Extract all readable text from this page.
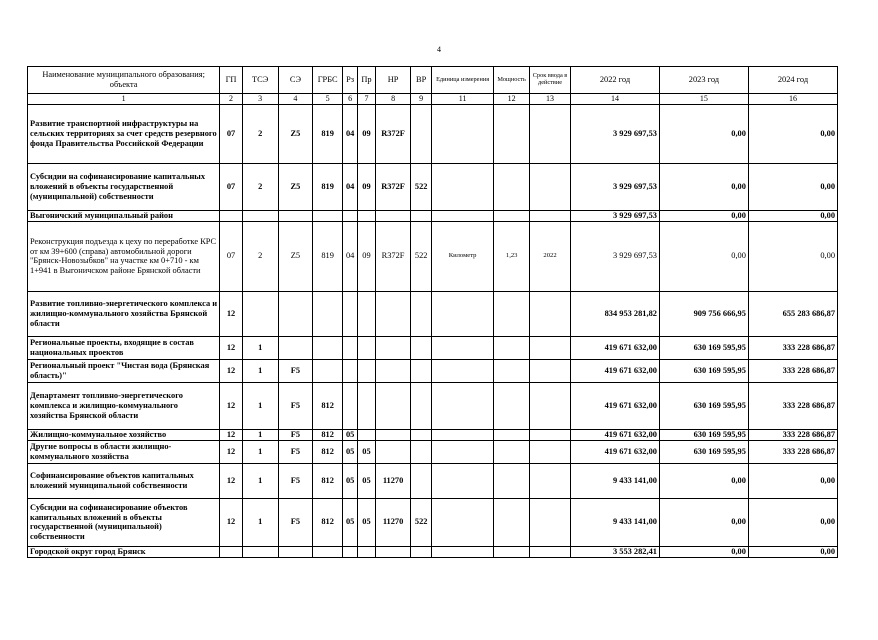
4
Наименование муниципального образования; объекта	ГП	ТСЭ	СЭ	ГРБС	Рз	Пр	НР	ВР	Единица измерения	Мощность	Срок ввода в действие	2022 год	2023 год	2024 год
1	2	3	4	5	6	7	8	9	11	12	13	14	15	16
Развитие транспортной инфраструктуры на сельских территориях за счет средств резервного фонда Правительства Российской Федерации	07	2	Z5	819	04	09	R372F					3 929 697,53	0,00	0,00
Субсидии на софинансирование капитальных вложений в объекты государственной (муниципальной) собственности	07	2	Z5	819	04	09	R372F	522				3 929 697,53	0,00	0,00
Выгоничский муниципальный район												3 929 697,53	0,00	0,00
Реконструкция подъезда к цеху по переработке КРС от км 39+600 (справа) автомобильной дороги "Брянск-Новозыбков" на участке км 0+710 - км 1+941 в Выгоничском районе Брянской области	07	2	Z5	819	04	09	R372F	522	Километр	1,23	2022	3 929 697,53	0,00	0,00
Развитие топливно-энергетического комплекса и жилищно-коммунального хозяйства Брянской области	12											834 953 281,82	909 756 666,95	655 283 686,87
Региональные проекты, входящие в состав национальных проектов	12	1										419 671 632,00	630 169 595,95	333 228 686,87
Региональный проект "Чистая вода (Брянская область)"	12	1	F5									419 671 632,00	630 169 595,95	333 228 686,87
Департамент топливно-энергетического комплекса и жилищно-коммунального хозяйства Брянской области	12	1	F5	812								419 671 632,00	630 169 595,95	333 228 686,87
Жилищно-коммунальное хозяйство	12	1	F5	812	05							419 671 632,00	630 169 595,95	333 228 686,87
Другие вопросы в области жилищно-коммунального хозяйства	12	1	F5	812	05	05						419 671 632,00	630 169 595,95	333 228 686,87
Софинансирование объектов капитальных вложений муниципальной собственности	12	1	F5	812	05	05	11270					9 433 141,00	0,00	0,00
Субсидии на софинансирование объектов капитальных вложений в объекты государственной (муниципальной) собственности	12	1	F5	812	05	05	11270	522				9 433 141,00	0,00	0,00
Городской округ город Брянск												3 553 282,41	0,00	0,00
